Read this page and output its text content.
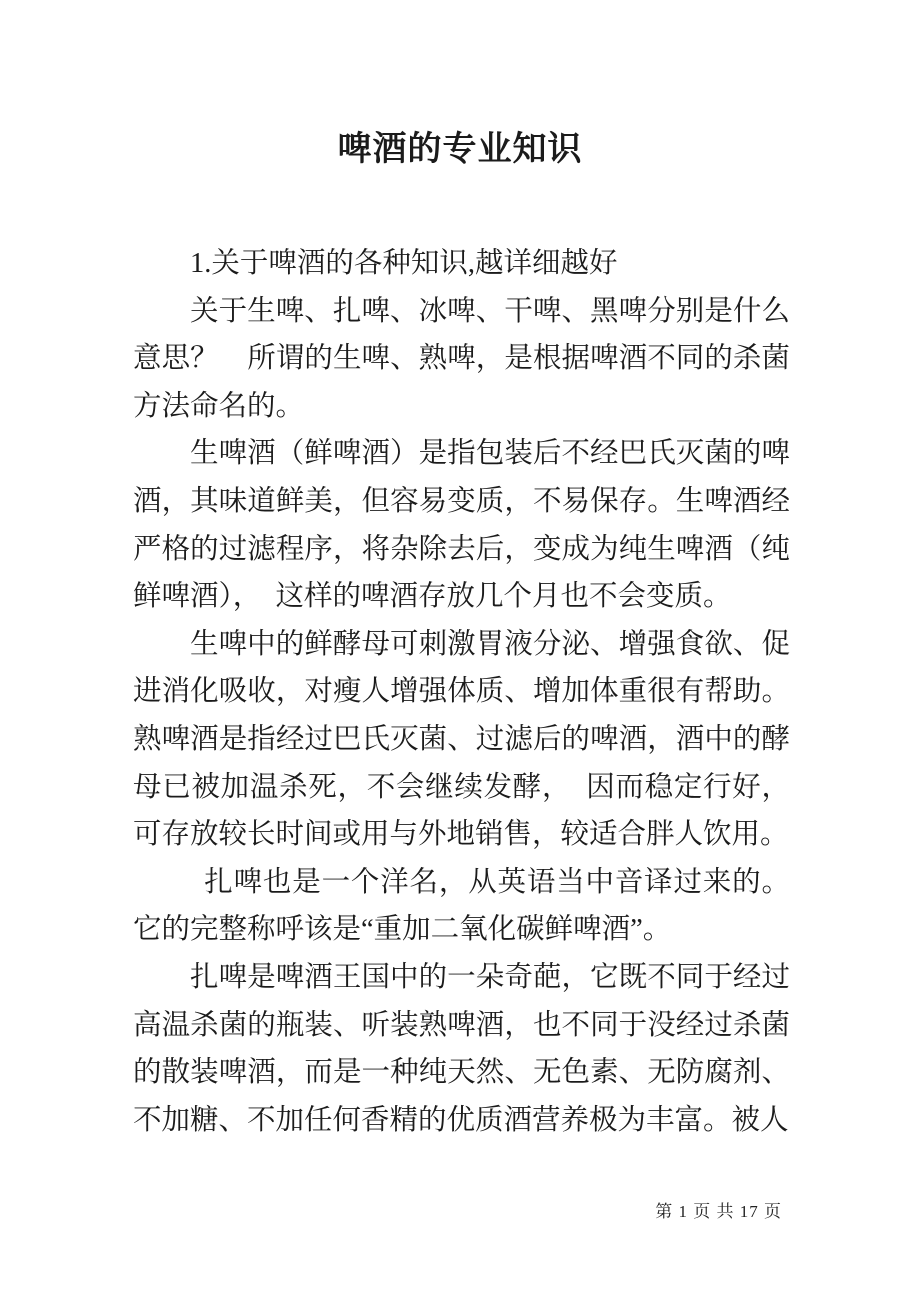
啤酒的专业知识

1.关于啤酒的各种知识,越详细越好

关于生啤、扎啤、冰啤、干啤、黑啤分别是什么意思？　所谓的生啤、熟啤，是根据啤酒不同的杀菌方法命名的。

生啤酒（鲜啤酒）是指包装后不经巴氏灭菌的啤酒，其味道鲜美，但容易变质，不易保存。生啤酒经严格的过滤程序，将杂除去后，变成为纯生啤酒（纯鲜啤酒），　这样的啤酒存放几个月也不会变质。

生啤中的鲜酵母可刺激胃液分泌、增强食欲、促进消化吸收，对瘦人增强体质、增加体重很有帮助。熟啤酒是指经过巴氏灭菌、过滤后的啤酒，酒中的酵母已被加温杀死，不会继续发酵，　因而稳定行好，可存放较长时间或用与外地销售，较适合胖人饮用。

扎啤也是一个洋名，从英语当中音译过来的。它的完整称呼该是“重加二氧化碳鲜啤酒”。

扎啤是啤酒王国中的一朵奇葩，它既不同于经过高温杀菌的瓶装、听装熟啤酒，也不同于没经过杀菌的散装啤酒，而是一种纯天然、无色素、无防腐剂、不加糖、不加任何香精的优质酒营养极为丰富。被人

第 1 页 共 17 页
